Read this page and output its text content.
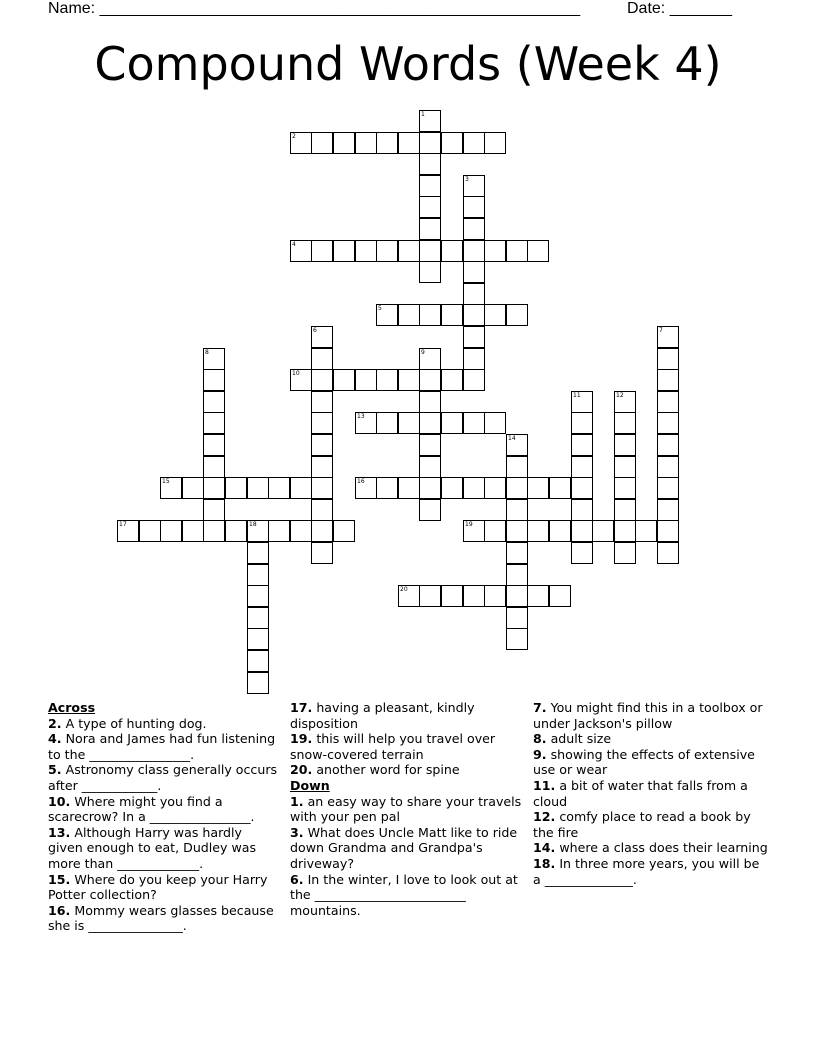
Name: ______________________________________________________	Date: _______
Compound Words (Week 4)
1
2
3
4
5
6	7
8	9
10
11	12
13
14
15	16
17	18	19
20
Across

2. A type of hunting dog.

4. Nora and James had fun listening to the ________________.

5. Astronomy class generally occurs after ____________.

10. Where might you find a scarecrow? In a ________________.

13. Although Harry was hardly given enough to eat, Dudley was more than _____________.

15. Where do you keep your Harry Potter collection?

16. Mommy wears glasses because she is _______________.

17. having a pleasant, kindly disposition

19. this will help you travel over snow-covered terrain

20. another word for spine

Down

1. an easy way to share your travels with your pen pal

3. What does Uncle Matt like to ride down Grandma and Grandpa's driveway?

6. In the winter, I love to look out at the ________________________ mountains.

7. You might find this in a toolbox or under Jackson's pillow

8. adult size

9. showing the effects of extensive use or wear

11. a bit of water that falls from a cloud

12. comfy place to read a book by the fire

14. where a class does their learning

18. In three more years, you will be a ______________.
